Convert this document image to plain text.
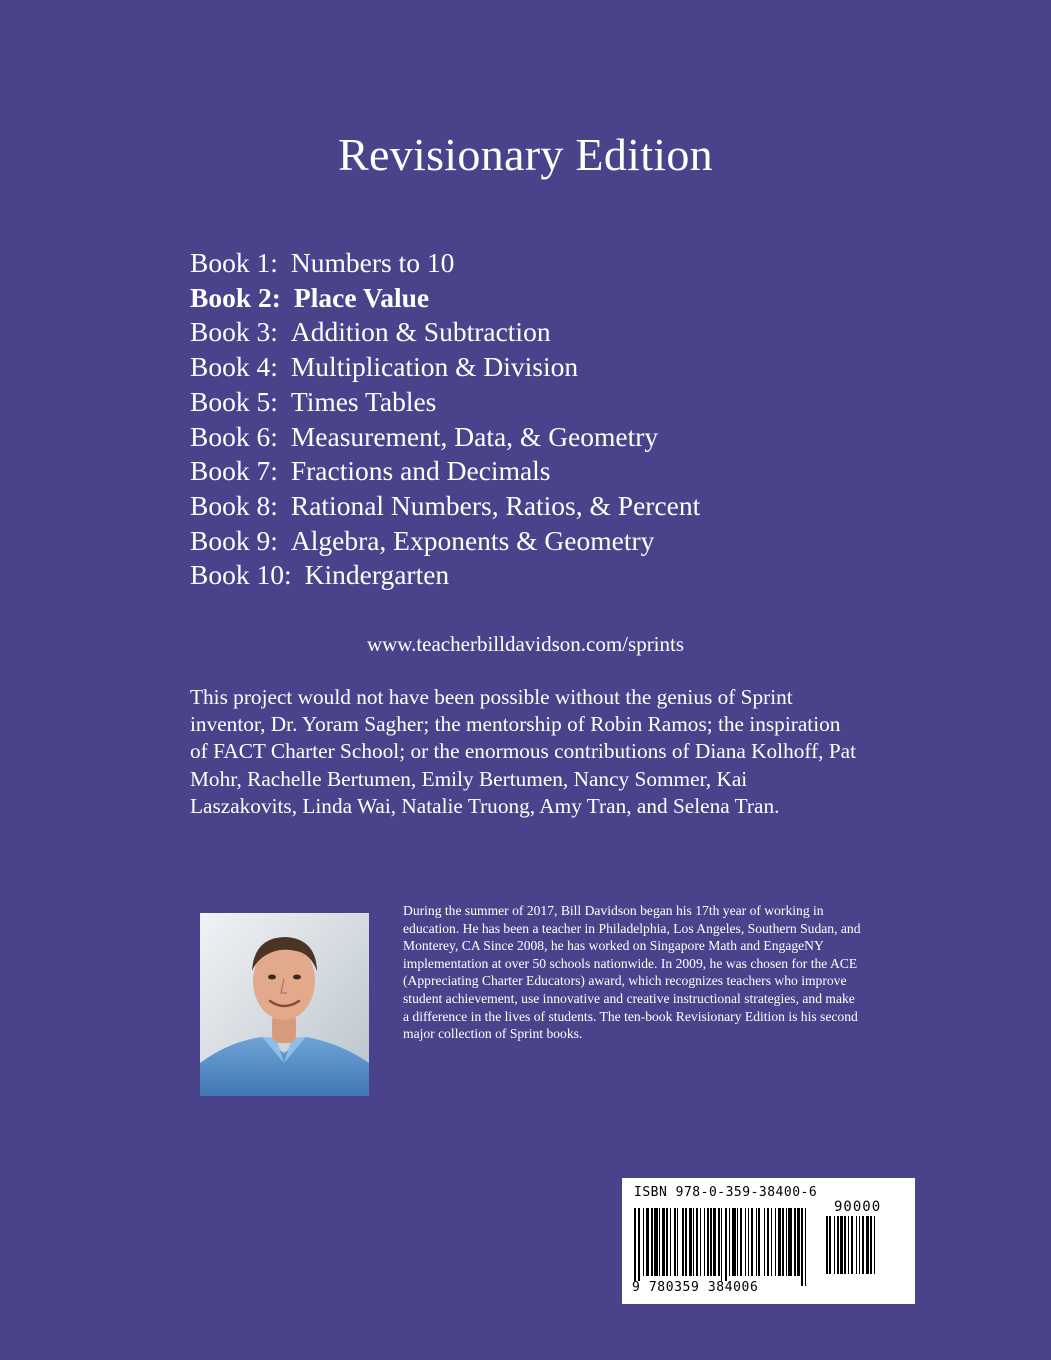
Revisionary Edition
Book 1: Numbers to 10
Book 2: Place Value
Book 3: Addition & Subtraction
Book 4: Multiplication & Division
Book 5: Times Tables
Book 6: Measurement, Data, & Geometry
Book 7: Fractions and Decimals
Book 8: Rational Numbers, Ratios, & Percent
Book 9: Algebra, Exponents & Geometry
Book 10: Kindergarten
www.teacherbilldavidson.com/sprints

This project would not have been possible without the genius of Sprint inventor, Dr. Yoram Sagher; the mentorship of Robin Ramos; the inspiration of FACT Charter School; or the enormous contributions of Diana Kolhoff, Pat Mohr, Rachelle Bertumen, Emily Bertumen, Nancy Sommer, Kai Laszakovits, Linda Wai, Natalie Truong, Amy Tran, and Selena Tran.

During the summer of 2017, Bill Davidson began his 17th year of working in education. He has been a teacher in Philadelphia, Los Angeles, Southern Sudan, and Monterey, CA Since 2008, he has worked on Singapore Math and EngageNY implementation at over 50 schools nationwide. In 2009, he was chosen for the ACE (Appreciating Charter Educators) award, which recognizes teachers who improve student achievement, use innovative and creative instructional strategies, and make a difference in the lives of students. The ten-book Revisionary Edition is his second major collection of Sprint books.

ISBN 978-0-359-38400-6
90000
9 780359 384006
